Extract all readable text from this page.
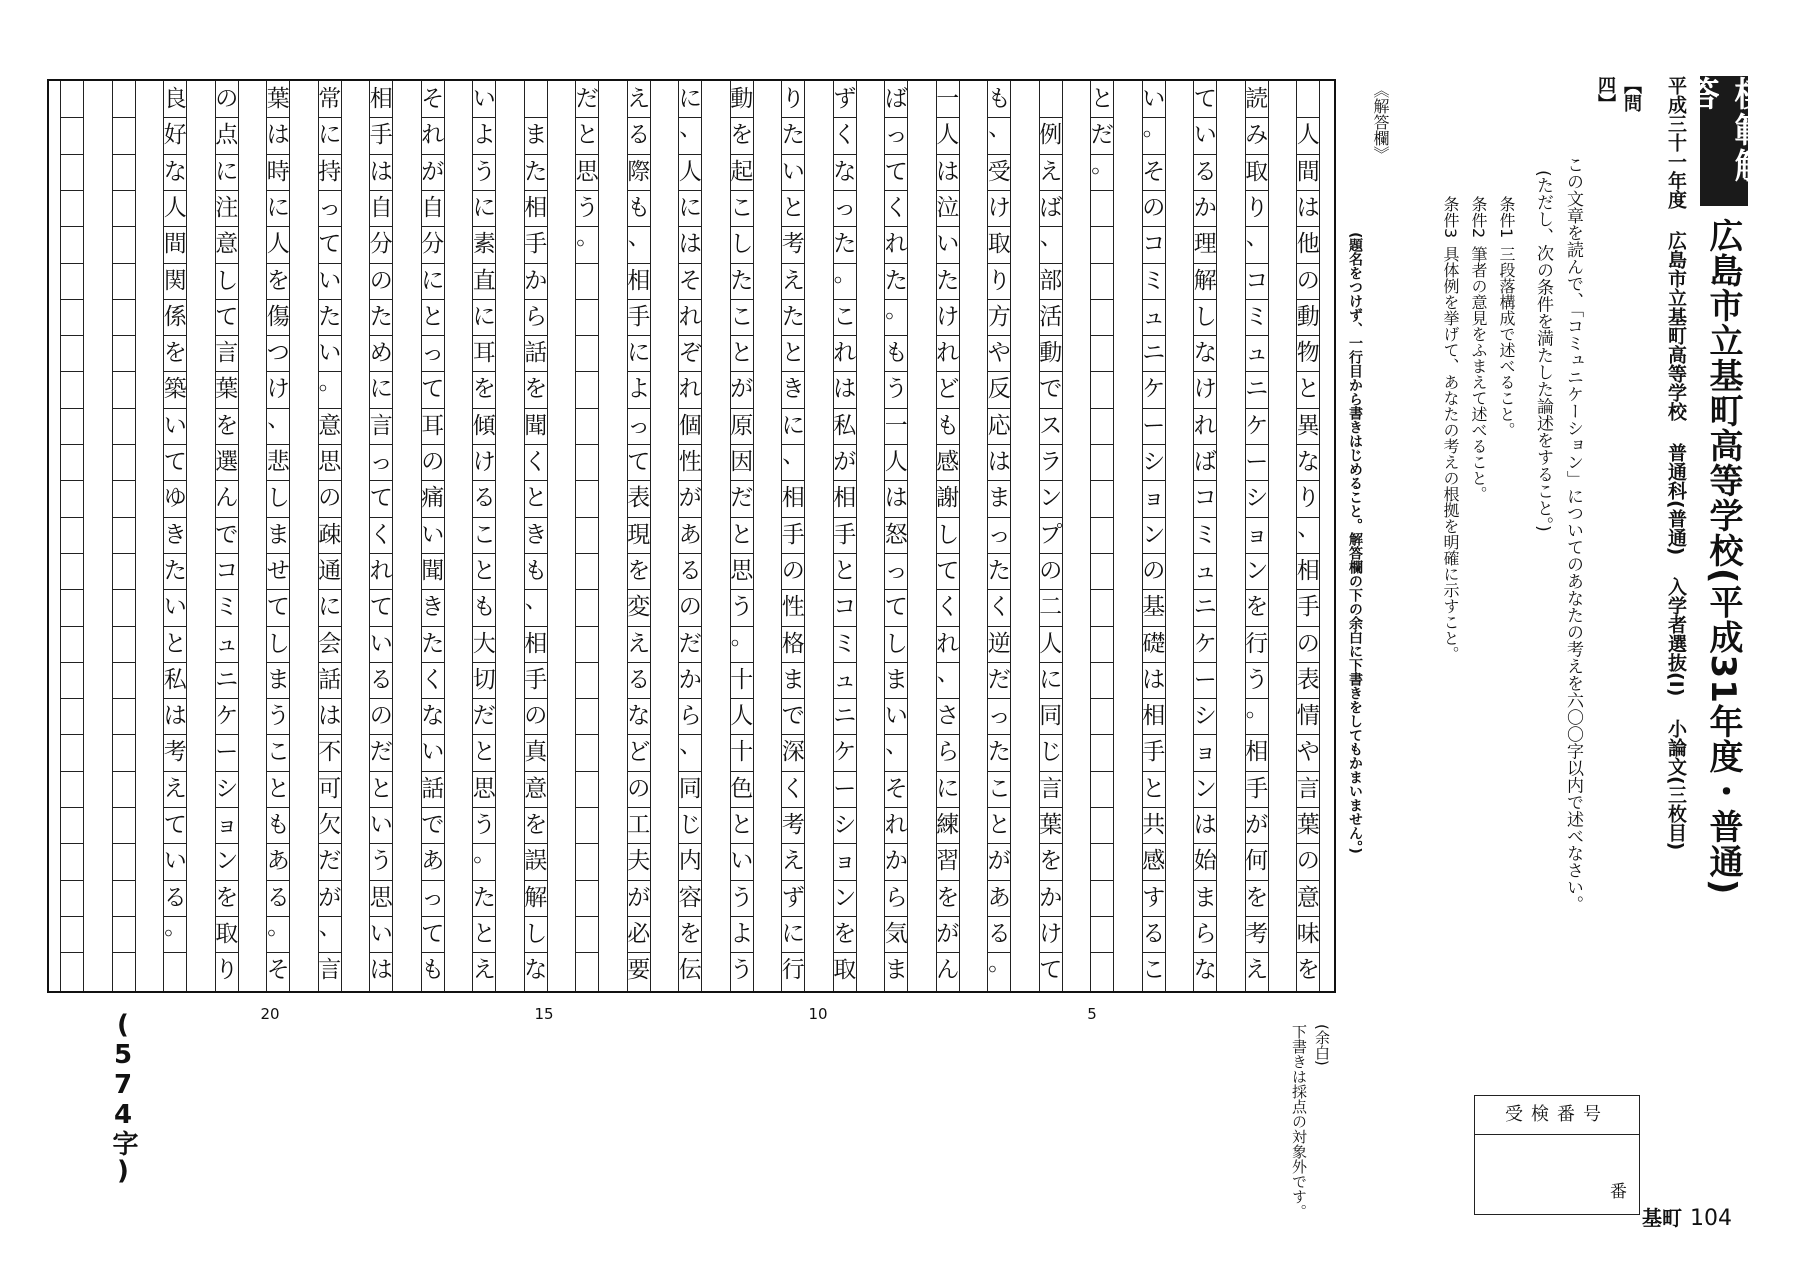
模範解答
広島市立基町高等学校(平成31年度・普通)
平成三十一年度
広島市立基町高等学校
普通科(普通)
入学者選抜(I)
小論文(三枚目)
【問四】
この文章を読んで、「コミュニケーション」についてのあなたの考えを六〇〇字以内で述べなさい。
(ただし、次の条件を満たした論述をすること。)
条件1
三段落構成で述べること。
条件2
筆者の意見をふまえて述べること。
条件3
具体例を挙げて、あなたの考えの根拠を明確に示すこと。
《解答欄》
(題名をつけず、一行目から書きはじめること。解答欄の下の余白に下書きをしてもかまいません。)

人
間
は
他
の
動
物
と
異
な
り
、
相
手
の
表
情
や
言
葉
の
意
味
を
読
み
取
り
、
コ
ミ
ュ
ニ
ケ
ー
シ
ョ
ン
を
行
う
。
相
手
が
何
を
考
え
て
い
る
か
理
解
し
な
け
れ
ば
コ
ミ
ュ
ニ
ケ
ー
シ
ョ
ン
は
始
ま
ら
な
い
。
そ
の
コ
ミ
ュ
ニ
ケ
ー
シ
ョ
ン
の
基
礎
は
相
手
と
共
感
す
る
こ
と
だ
。

例
え
ば
、
部
活
動
で
ス
ラ
ン
プ
の
二
人
に
同
じ
言
葉
を
か
け
て
も
、
受
け
取
り
方
や
反
応
は
ま
っ
た
く
逆
だ
っ
た
こ
と
が
あ
る
。
一
人
は
泣
い
た
け
れ
ど
も
感
謝
し
て
く
れ
、
さ
ら
に
練
習
を
が
ん
ば
っ
て
く
れ
た
。
も
う
一
人
は
怒
っ
て
し
ま
い
、
そ
れ
か
ら
気
ま
ず
く
な
っ
た
。
こ
れ
は
私
が
相
手
と
コ
ミ
ュ
ニ
ケ
ー
シ
ョ
ン
を
取
り
た
い
と
考
え
た
と
き
に
、
相
手
の
性
格
ま
で
深
く
考
え
ず
に
行
動
を
起
こ
し
た
こ
と
が
原
因
だ
と
思
う
。
十
人
十
色
と
い
う
よ
う
に
、
人
に
は
そ
れ
ぞ
れ
個
性
が
あ
る
の
だ
か
ら
、
同
じ
内
容
を
伝
え
る
際
も
、
相
手
に
よ
っ
て
表
現
を
変
え
る
な
ど
の
工
夫
が
必
要
だ
と
思
う
。

ま
た
相
手
か
ら
話
を
聞
く
と
き
も
、
相
手
の
真
意
を
誤
解
し
な
い
よ
う
に
素
直
に
耳
を
傾
け
る
こ
と
も
大
切
だ
と
思
う
。
た
と
え
そ
れ
が
自
分
に
と
っ
て
耳
の
痛
い
聞
き
た
く
な
い
話
で
あ
っ
て
も
相
手
は
自
分
の
た
め
に
言
っ
て
く
れ
て
い
る
の
だ
と
い
う
思
い
は
常
に
持
っ
て
い
た
い
。
意
思
の
疎
通
に
会
話
は
不
可
欠
だ
が
、
言
葉
は
時
に
人
を
傷
つ
け
、
悲
し
ま
せ
て
し
ま
う
こ
と
も
あ
る
。
そ
の
点
に
注
意
し
て
言
葉
を
選
ん
で
コ
ミ
ュ
ニ
ケ
ー
シ
ョ
ン
を
取
り
良
好
な
人
間
関
係
を
築
い
て
ゆ
き
た
い
と
私
は
考
え
て
い
る
。
5
10
15
20
(574字)	(余白)
下書きは採点の対象外です。	受検番号
番
基町 104
